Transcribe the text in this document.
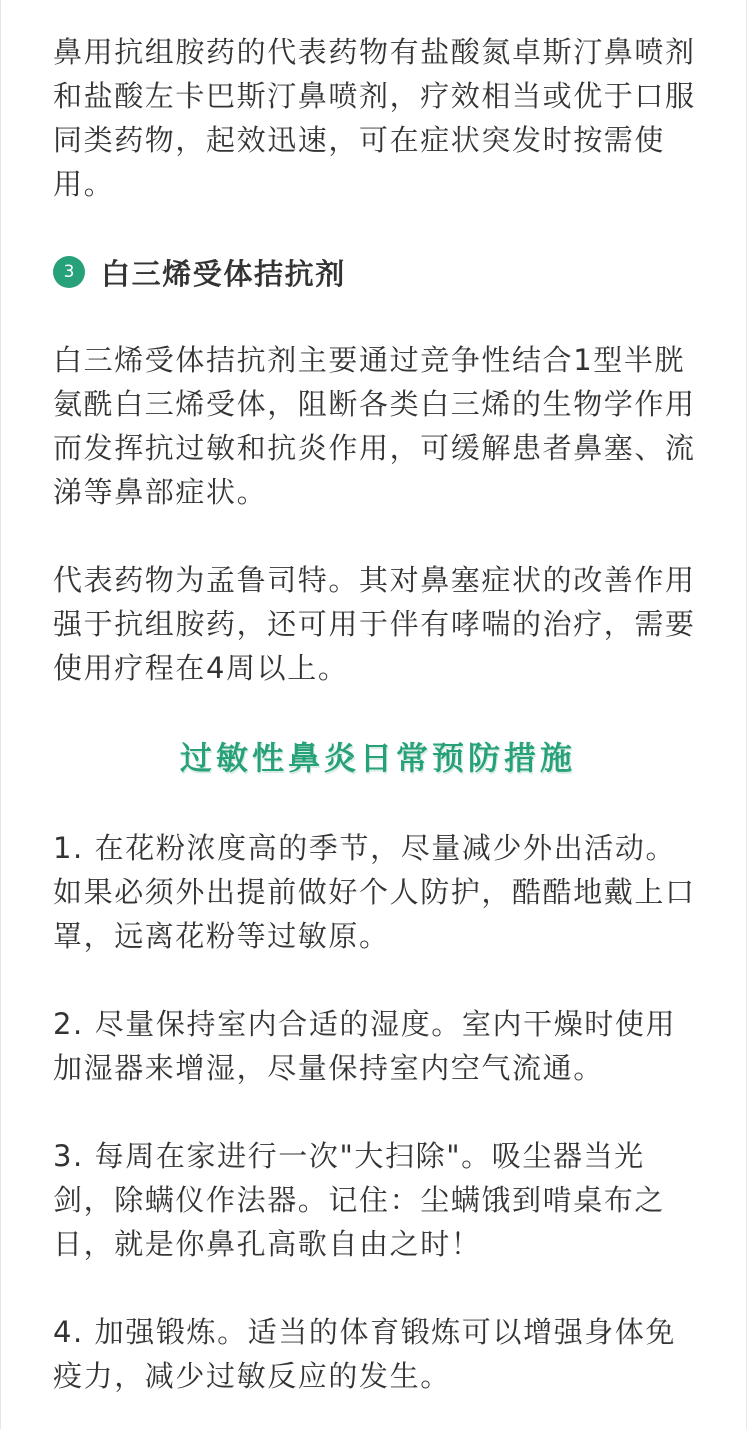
鼻用抗组胺药的代表药物有盐酸氮卓斯汀鼻喷剂和盐酸左卡巴斯汀鼻喷剂，疗效相当或优于口服同类药物，起效迅速，可在症状突发时按需使用。

3 白三烯受体拮抗剂

白三烯受体拮抗剂主要通过竞争性结合1型半胱氨酰白三烯受体，阻断各类白三烯的生物学作用而发挥抗过敏和抗炎作用，可缓解患者鼻塞、流涕等鼻部症状。

代表药物为孟鲁司特。其对鼻塞症状的改善作用强于抗组胺药，还可用于伴有哮喘的治疗，需要使用疗程在4周以上。

过敏性鼻炎日常预防措施

1. 在花粉浓度高的季节，尽量减少外出活动。如果必须外出提前做好个人防护，酷酷地戴上口罩，远离花粉等过敏原。

2. 尽量保持室内合适的湿度。室内干燥时使用加湿器来增湿，尽量保持室内空气流通。

3. 每周在家进行一次"大扫除"。吸尘器当光剑，除螨仪作法器。记住：尘螨饿到啃桌布之日，就是你鼻孔高歌自由之时！

4. 加强锻炼。适当的体育锻炼可以增强身体免疫力，减少过敏反应的发生。
